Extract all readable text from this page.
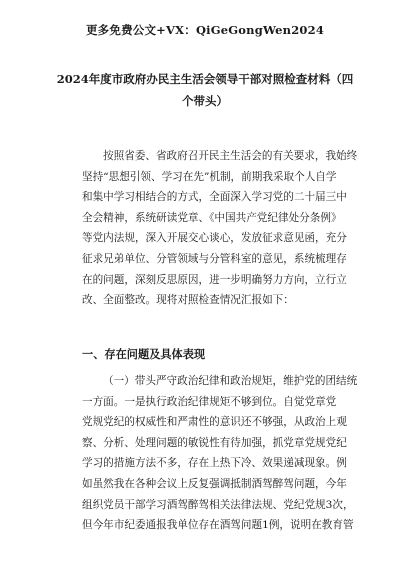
更多免费公文+VX：QiGeGongWen2024
2024年度市政府办民主生活会领导干部对照检查材料（四
个带头）

按照省委、省政府召开民主生活会的有关要求，我始终
坚持“思想引领、学习在先”机制，前期我采取个人自学
和集中学习相结合的方式，全面深入学习党的二十届三中
全会精神，系统研读党章、《中国共产党纪律处分条例》
等党内法规，深入开展交心谈心，发放征求意见函，充分
征求兄弟单位、分管领域与分管科室的意见，系统梳理存
在的问题，深刻反思原因，进一步明确努力方向，立行立
改、全面整改。现将对照检查情况汇报如下：

一、存在问题及具体表现

（一）带头严守政治纪律和政治规矩，维护党的团结统
一方面。一是执行政治纪律规矩不够到位。自觉党章党
党规党纪的权威性和严肃性的意识还不够强，从政治上观
察、分析、处理问题的敏锐性有待加强，抓党章党规党纪
学习的措施方法不多，存在上热下冷、效果递减现象。例
如虽然我在各种会议上反复强调抵制酒驾醉驾问题，今年
组织党员干部学习酒驾醉驾相关法律法规、党纪党规3次，
但今年市纪委通报我单位存在酒驾问题1例，说明在教育管
